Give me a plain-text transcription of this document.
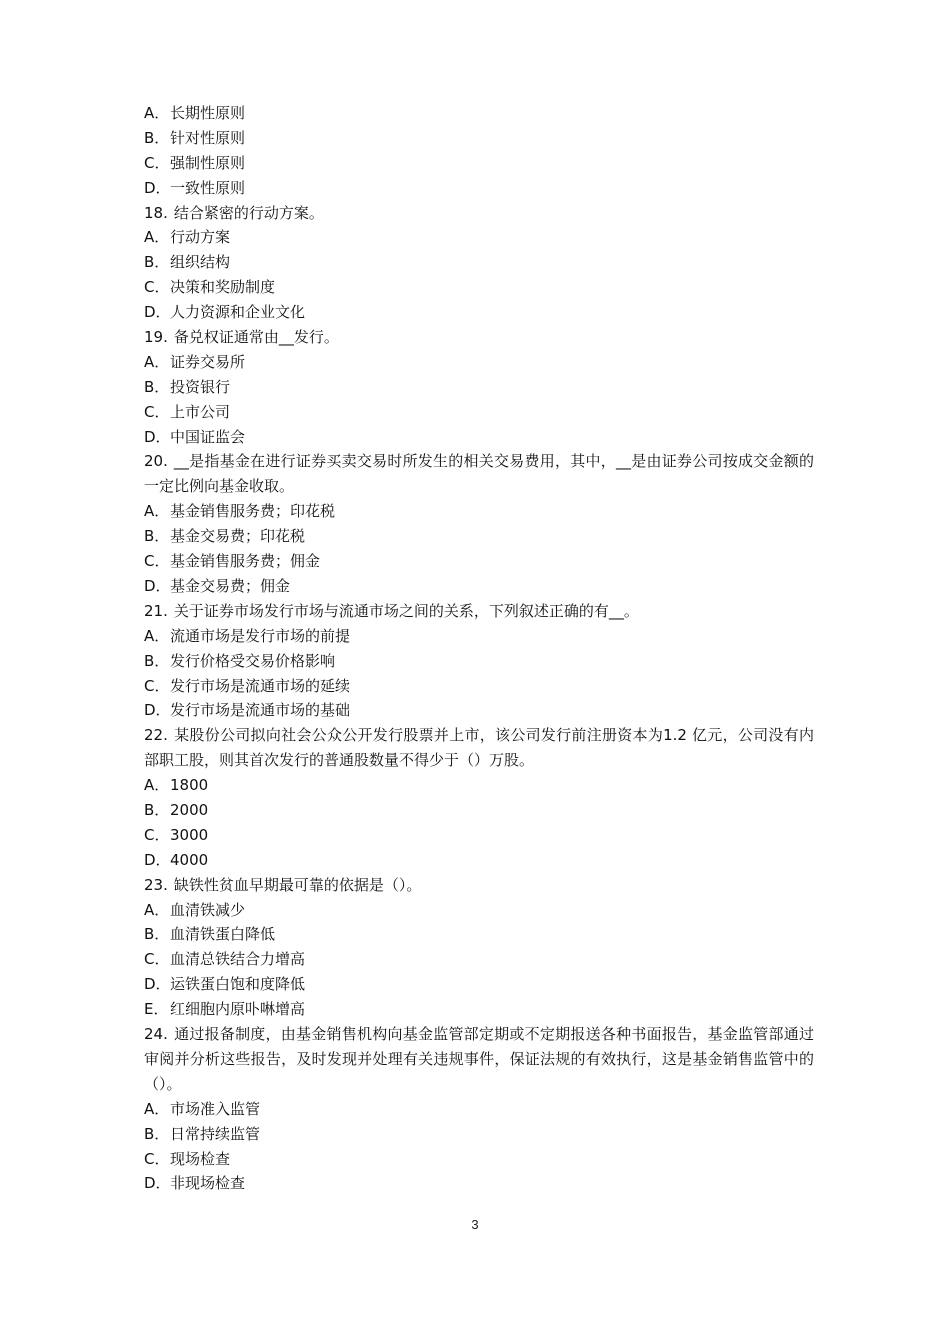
A．长期性原则
B．针对性原则
C．强制性原则
D．一致性原则
18. 结合紧密的行动方案。
A．行动方案
B．组织结构
C．决策和奖励制度
D．人力资源和企业文化
19. 备兑权证通常由__发行。
A．证券交易所
B．投资银行
C．上市公司
D．中国证监会
20. __是指基金在进行证券买卖交易时所发生的相关交易费用，其中，__是由证券公司按成交金额的一定比例向基金收取。
A．基金销售服务费；印花税
B．基金交易费；印花税
C．基金销售服务费；佣金
D．基金交易费；佣金
21. 关于证券市场发行市场与流通市场之间的关系，下列叙述正确的有__。
A．流通市场是发行市场的前提
B．发行价格受交易价格影响
C．发行市场是流通市场的延续
D．发行市场是流通市场的基础
22. 某股份公司拟向社会公众公开发行股票并上市，该公司发行前注册资本为1.2 亿元，公司没有内部职工股，则其首次发行的普通股数量不得少于（）万股。
A．1800
B．2000
C．3000
D．4000
23. 缺铁性贫血早期最可靠的依据是（）。
A．血清铁减少
B．血清铁蛋白降低
C．血清总铁结合力增高
D．运铁蛋白饱和度降低
E． 红细胞内原卟啉增高
24. 通过报备制度，由基金销售机构向基金监管部定期或不定期报送各种书面报告，基金监管部通过审阅并分析这些报告，及时发现并处理有关违规事件，保证法规的有效执行，这是基金销售监管中的（）。
A．市场准入监管
B．日常持续监管
C．现场检查
D．非现场检查
3
